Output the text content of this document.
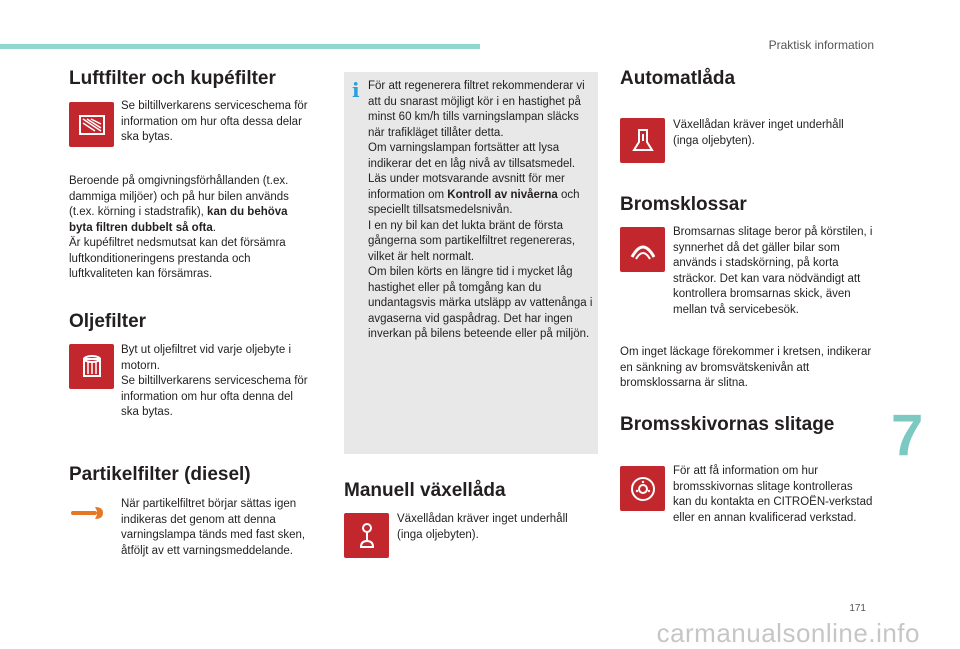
Praktisk information
7
171
carmanualsonline.info
Luftfilter och kupéfilter
Se biltillverkarens serviceschema för information om hur ofta dessa delar ska bytas.
Beroende på omgivningsförhållanden (t.ex. dammiga miljöer) och på hur bilen används (t.ex. körning i stadstrafik), kan du behöva byta filtren dubbelt så ofta.
Är kupéfiltret nedsmutsat kan det försämra luftkonditioneringens prestanda och luftkvaliteten kan försämras.
Oljefilter
Byt ut oljefiltret vid varje oljebyte i motorn.
Se biltillverkarens serviceschema för information om hur ofta denna del ska bytas.
Partikelfilter (diesel)
När partikelfiltret börjar sättas igen indikeras det genom att denna varningslampa tänds med fast sken, åtföljt av ett varningsmeddelande.
i För att regenerera filtret rekommenderar vi att du snarast möjligt kör i en hastighet på minst 60 km/h tills varningslampan släcks när trafikläget tillåter detta.
Om varningslampan fortsätter att lysa indikerar det en låg nivå av tillsatsmedel. Läs under motsvarande avsnitt för mer information om Kontroll av nivåerna och speciellt tillsatsmedelsnivån.
I en ny bil kan det lukta bränt de första gångerna som partikelfiltret regenereras, vilket är helt normalt.
Om bilen körts en längre tid i mycket låg hastighet eller på tomgång kan du undantagsvis märka utsläpp av vattenånga i avgaserna vid gaspådrag. Det har ingen inverkan på bilens beteende eller på miljön.
Manuell växellåda
Växellådan kräver inget underhåll (inga oljebyten).
Automatlåda
Växellådan kräver inget underhåll (inga oljebyten).
Bromsklossar
Bromsarnas slitage beror på körstilen, i synnerhet då det gäller bilar som används i stadskörning, på korta sträckor. Det kan vara nödvändigt att kontrollera bromsarnas skick, även mellan två servicebesök.
Om inget läckage förekommer i kretsen, indikerar en sänkning av bromsvätskenivån att bromsklossarna är slitna.
Bromsskivornas slitage
För att få information om hur bromsskivornas slitage kontrolleras kan du kontakta en CITROËN-verkstad eller en annan kvalificerad verkstad.
